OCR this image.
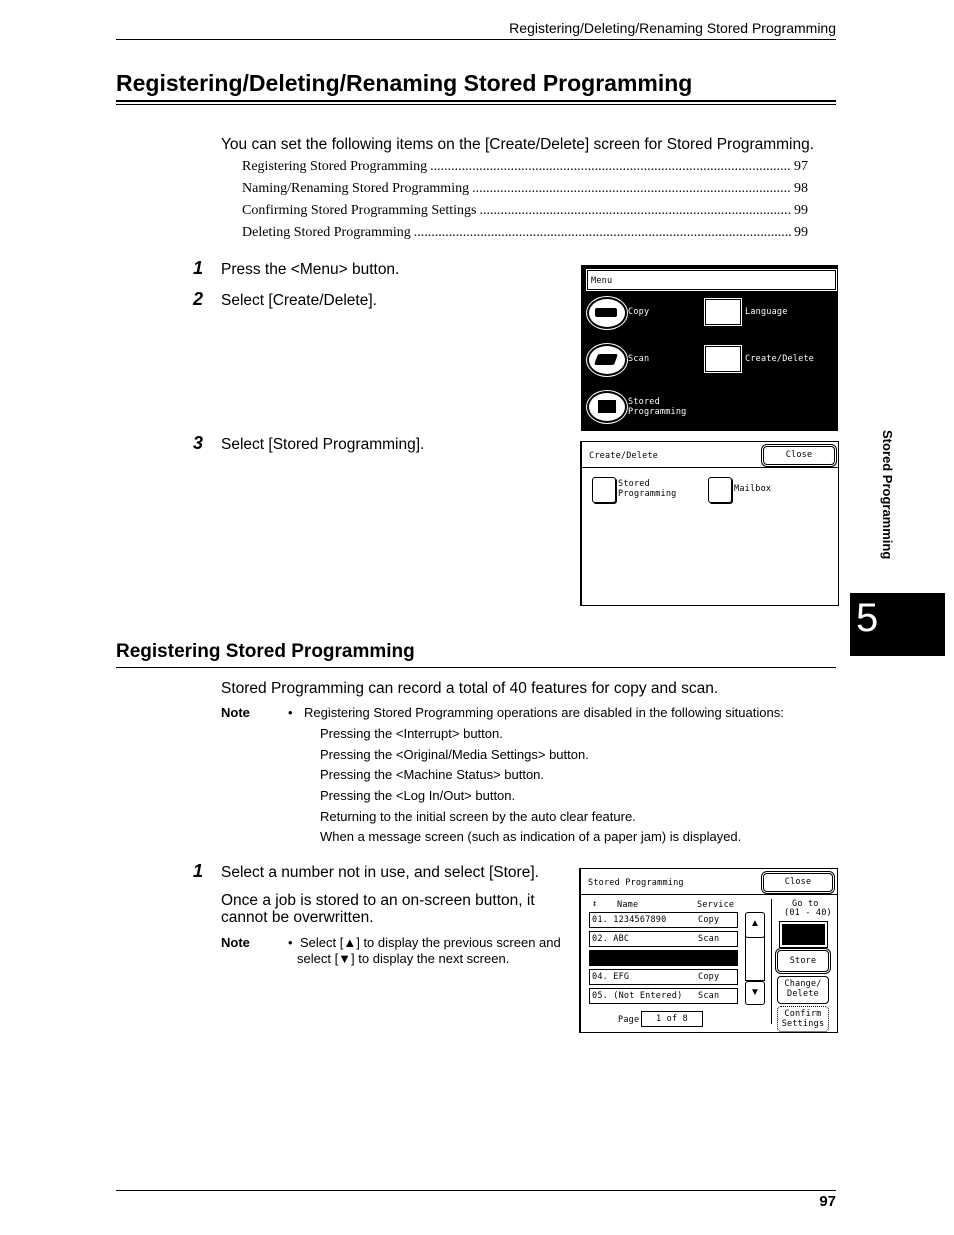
Registering/Deleting/Renaming Stored Programming
Registering/Deleting/Renaming Stored Programming
You can set the following items on the [Create/Delete] screen for Stored Programming.
Registering Stored Programming .....	97
Naming/Renaming Stored Programming .....	98
Confirming Stored Programming Settings .....	99
Deleting Stored Programming .....	99
1 Press the <Menu> button.
2 Select [Create/Delete].
3 Select [Stored Programming].
Menu
Copy	Language
Scan	Create/Delete
Stored
Programming
Create/Delete	Close
Stored
Programming	Mailbox
Registering Stored Programming
Stored Programming can record a total of 40 features for copy and scan.
Note	• Registering Stored Programming operations are disabled in the following situations:
Pressing the <Interrupt> button.
Pressing the <Original/Media Settings> button.
Pressing the <Machine Status> button.
Pressing the <Log In/Out> button.
Returning to the initial screen by the auto clear feature.
When a message screen (such as indication of a paper jam) is displayed.
1 Select a number not in use, and select [Store].
Once a job is stored to an on-screen button, it cannot be overwritten.
Note	• Select [▲] to display the previous screen and
select [▼] to display the next screen.
Stored Programming	Close
↕ Name	Service
01. 1234567890	Copy
02. ABC	Scan
04. EFG	Copy
05. (Not Entered) Scan
▲
▼
Go to
(01 - 40)
Store
Change/
Delete
Confirm
Settings
Page	1 of 8
Stored Programming
5
97
